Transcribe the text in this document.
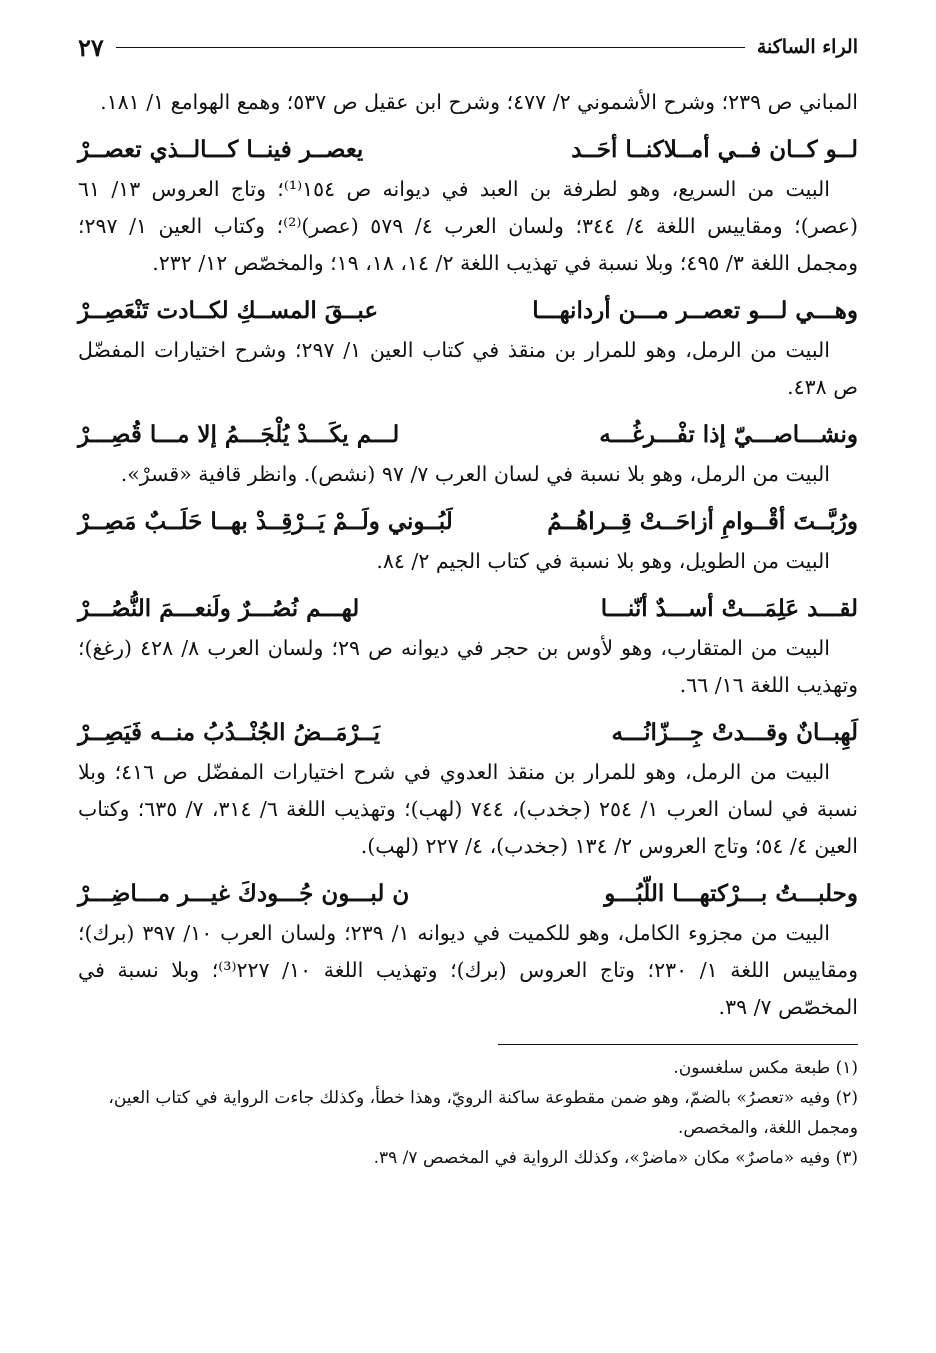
الراء الساكنة
٢٧

المباني ص ٢٣٩؛ وشرح الأشموني ٢/ ٤٧٧؛ وشرح ابن عقيل ص ٥٣٧؛ وهمع الهوامع ١/ ١٨١.

لــو كــان فــي أمــلاكنــا أحَــد
يعصــر فينــا كـــالــذي تعصــرْ

البيت من السريع، وهو لطرفة بن العبد في ديوانه ص ١٥٤⁽¹⁾؛ وتاج العروس ١٣/ ٦١ (عصر)؛ ومقاييس اللغة ٤/ ٣٤٤؛ ولسان العرب ٤/ ٥٧٩ (عصر)⁽²⁾؛ وكتاب العين ١/ ٢٩٧؛ ومجمل اللغة ٣/ ٤٩٥؛ وبلا نسبة في تهذيب اللغة ٢/ ١٤، ١٨، ١٩؛ والمخصّص ١٢/ ٢٣٢.

وهـــي لـــو تعصــر مـــن أردانهـــا
عبــقَ المســكِ لكــادت تَنْعَصِــرْ

البيت من الرمل، وهو للمرار بن منقذ في كتاب العين ١/ ٢٩٧؛ وشرح اختيارات المفضّل ص ٤٣٨.

ونشـــاصـــيّ إذا تفْـــرغُـــه
لـــم يكَـــدْ يُلْجَـــمُ إلا مـــا قُصِـــرْ

البيت من الرمل، وهو بلا نسبة في لسان العرب ٧/ ٩٧ (نشص). وانظر قافية «قسرْ».

ورُبَّــتَ أقْــوامِ أزاحَــتْ قِــراهُــمُ
لَبُــوني ولَــمْ يَــرْقِــدْ بهــا حَلَــبٌ مَصِــرْ

البيت من الطويل، وهو بلا نسبة في كتاب الجيم ٢/ ٨٤.

لقـــد عَلِمَـــتْ أســـدٌ أنّنـــا
لهـــم نُصُـــرٌ ولَنعـــمَ النُّصُـــرْ

البيت من المتقارب، وهو لأوس بن حجر في ديوانه ص ٢٩؛ ولسان العرب ٨/ ٤٢٨ (رغغ)؛ وتهذيب اللغة ١٦/ ٦٦.

لَهِبــانٌ وقـــدتْ جِـــزّانُـــه
يَــرْمَــضُ الجُنْــدُبُ منــه فَيَصِــرْ

البيت من الرمل، وهو للمرار بن منقذ العدوي في شرح اختيارات المفضّل ص ٤١٦؛ وبلا نسبة في لسان العرب ١/ ٢٥٤ (جخدب)، ٧٤٤ (لهب)؛ وتهذيب اللغة ٦/ ٣١٤، ٧/ ٦٣٥؛ وكتاب العين ٤/ ٥٤؛ وتاج العروس ٢/ ١٣٤ (جخدب)، ٤/ ٢٢٧ (لهب).

وحلبـــتُ بـــرْكتهـــا اللّبُـــو
ن لبـــون جُـــودكَ غيـــر مـــاضِـــرْ

البيت من مجزوء الكامل، وهو للكميت في ديوانه ١/ ٢٣٩؛ ولسان العرب ١٠/ ٣٩٧ (برك)؛ ومقاييس اللغة ١/ ٢٣٠؛ وتاج العروس (برك)؛ وتهذيب اللغة ١٠/ ٢٢٧⁽³⁾؛ وبلا نسبة في المخصّص ٧/ ٣٩.

(١) طبعة مكس سلغسون.

(٢) وفيه «تعصرُ» بالضمّ، وهو ضمن مقطوعة ساكنة الرويّ، وهذا خطأ، وكذلك جاءت الرواية في كتاب العين، ومجمل اللغة، والمخصص.

(٣) وفيه «ماصرٌ» مكان «ماضرْ»، وكذلك الرواية في المخصص ٧/ ٣٩.
